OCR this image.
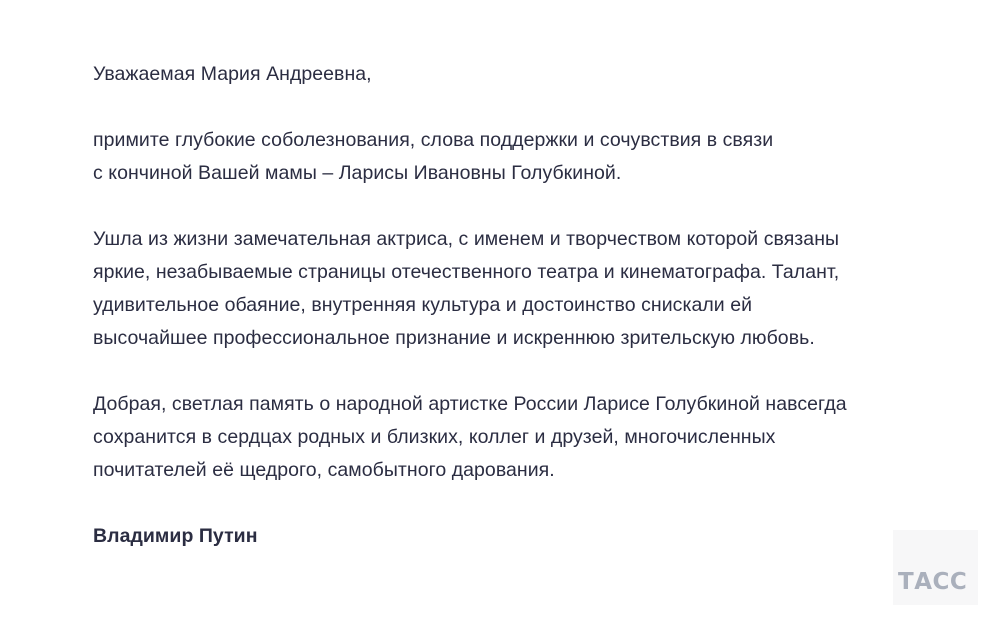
Уважаемая Мария Андреевна,

примите глубокие соболезнования, слова поддержки и сочувствия в связи
с кончиной Вашей мамы – Ларисы Ивановны Голубкиной.

Ушла из жизни замечательная актриса, с именем и творчеством которой связаны
яркие, незабываемые страницы отечественного театра и кинематографа. Талант,
удивительное обаяние, внутренняя культура и достоинство снискали ей
высочайшее профессиональное признание и искреннюю зрительскую любовь.

Добрая, светлая память о народной артистке России Ларисе Голубкиной навсегда
сохранится в сердцах родных и близких, коллег и друзей, многочисленных
почитателей её щедрого, самобытного дарования.

Владимир Путин

ТАСС
